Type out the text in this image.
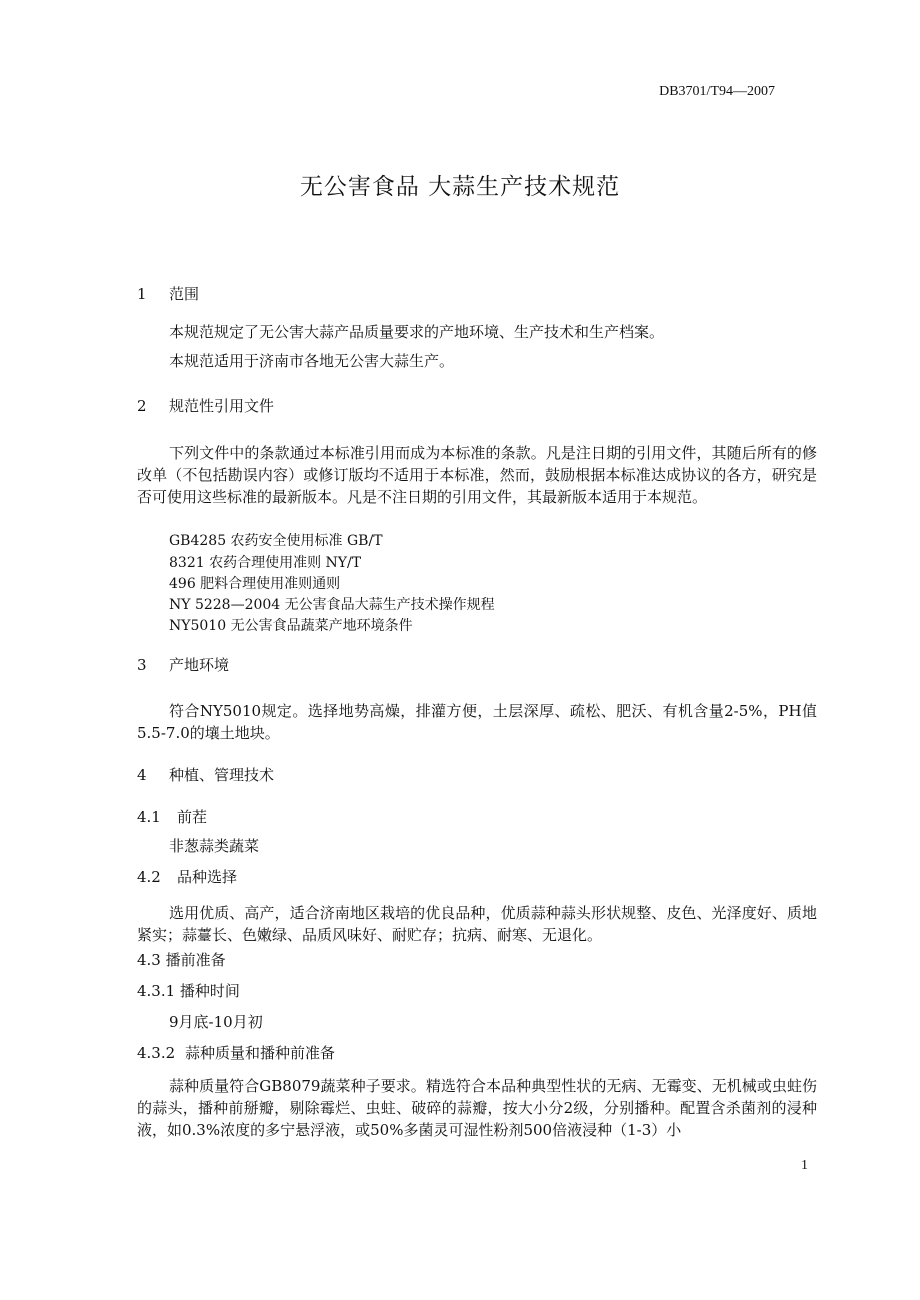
DB3701/T94—2007
无公害食品 大蒜生产技术规范
1 范围
本规范规定了无公害大蒜产品质量要求的产地环境、生产技术和生产档案。
本规范适用于济南市各地无公害大蒜生产。
2 规范性引用文件
下列文件中的条款通过本标准引用而成为本标准的条款。凡是注日期的引用文件，其随后所有的修改单（不包括勘误内容）或修订版均不适用于本标准，然而，鼓励根据本标准达成协议的各方，研究是否可使用这些标准的最新版本。凡是不注日期的引用文件，其最新版本适用于本规范。
GB4285 农药安全使用标准 GB/T
8321 农药合理使用准则 NY/T
496 肥料合理使用准则通则
NY 5228—2004 无公害食品大蒜生产技术操作规程
NY5010 无公害食品蔬菜产地环境条件
3 产地环境
符合NY5010规定。选择地势高燥，排灌方便，土层深厚、疏松、肥沃、有机含量2-5%，PH值5.5-7.0的壤土地块。
4 种植、管理技术
4.1 前茬
非葱蒜类蔬菜
4.2 品种选择
选用优质、高产，适合济南地区栽培的优良品种，优质蒜种蒜头形状规整、皮色、光泽度好、质地紧实；蒜薹长、色嫩绿、品质风味好、耐贮存；抗病、耐寒、无退化。
4.3 播前准备
4.3.1 播种时间
9月底-10月初
4.3.2 蒜种质量和播种前准备
蒜种质量符合GB8079蔬菜种子要求。精选符合本品种典型性状的无病、无霉变、无机械或虫蛀伤的蒜头，播种前掰瓣，剔除霉烂、虫蛀、破碎的蒜瓣，按大小分2级，分别播种。配置含杀菌剂的浸种液，如0.3%浓度的多宁悬浮液，或50%多菌灵可湿性粉剂500倍液浸种（1-3）小
1
